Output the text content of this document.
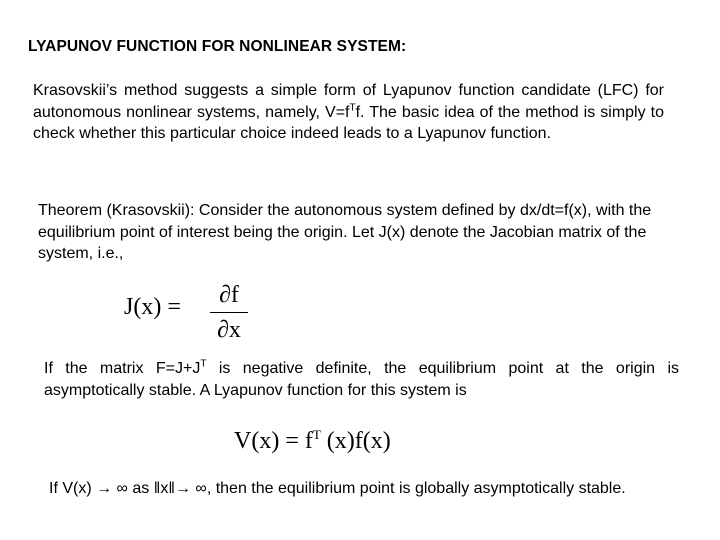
LYAPUNOV FUNCTION FOR NONLINEAR SYSTEM:
Krasovskii’s method suggests a simple form of Lyapunov function candidate (LFC) for autonomous nonlinear systems, namely, $V=f^Tf$. The basic idea of the method is simply to check whether this particular choice indeed leads to a Lyapunov function.
Theorem (Krasovskii): Consider the autonomous system defined by dx/dt=f(x), with the equilibrium point of interest being the origin. Let J(x) denote the Jacobian matrix of the system, i.e.,
J(x) =	∂f
∂x
If the matrix $F=J+J^T$ is negative definite, the equilibrium point at the origin is asymptotically stable. A Lyapunov function for this system is
$V(x) = f^T$ (x)f(x)
If V(x) → ∞ as ǁxǁ→ ∞, then the equilibrium point is globally asymptotically stable.
